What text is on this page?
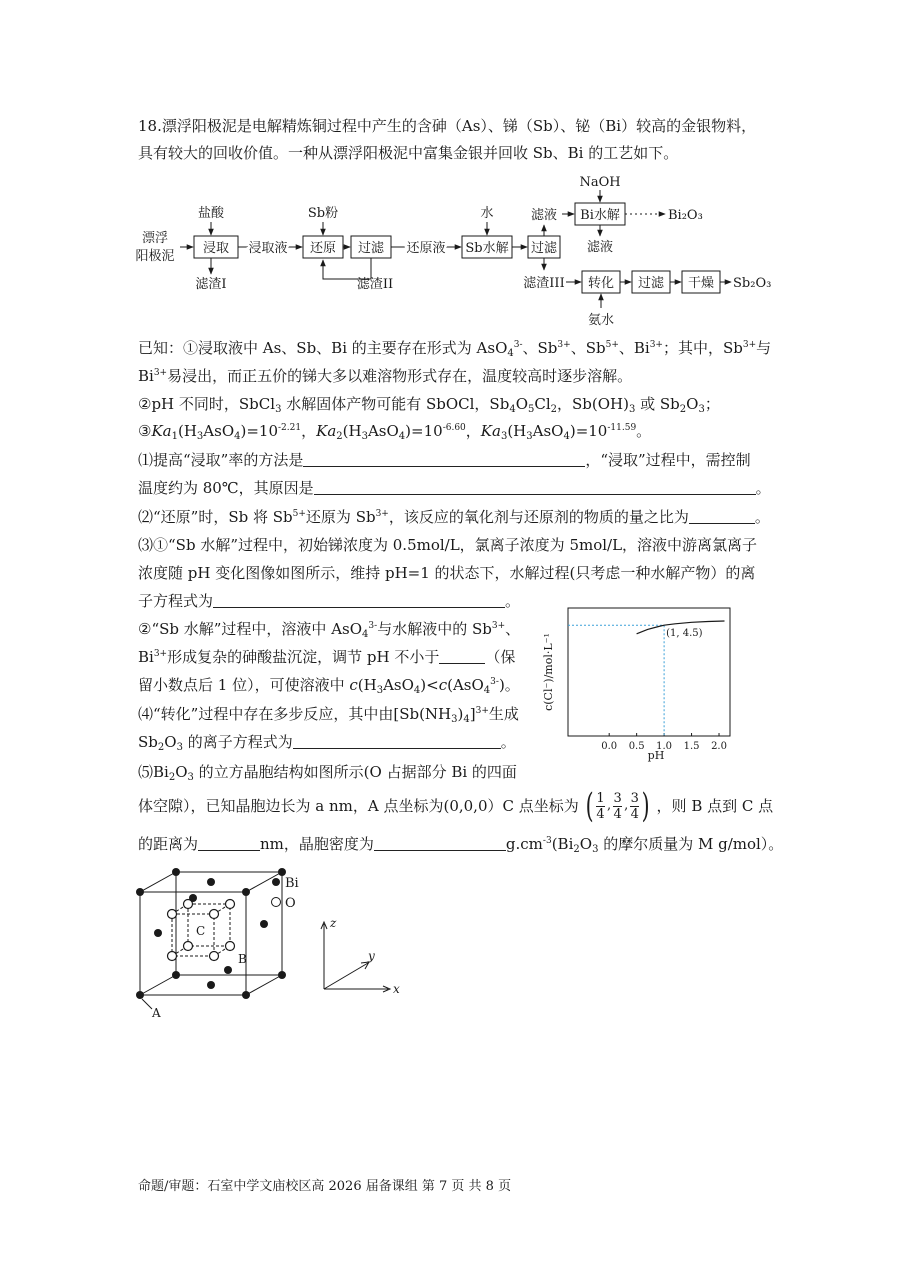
18.漂浮阳极泥是电解精炼铜过程中产生的含砷（As）、锑（Sb）、铋（Bi）较高的金银物料，

具有较大的回收价值。一种从漂浮阳极泥中富集金银并回收 Sb、Bi 的工艺如下。

漂浮
阳极泥
浸取
盐酸
滤渣I
浸取液 还原
Sb粉
过滤
滤渣II
还原液 Sb水解
水
过滤
滤液
滤渣III
Bi水解
NaOH
滤液
Bi₂O₃
转化
氨水
过滤 干燥 Sb₂O₃

已知：①浸取液中 As、Sb、Bi 的主要存在形式为 AsO$_4^{3-}$、$Sb^{3+}$、$Sb^{5+}$、$Bi^{3+}$；其中，$Sb^{3+}$与

$Bi^{3+}$易浸出，而正五价的锑大多以难溶物形式存在，温度较高时逐步溶解。

②pH 不同时，SbCl$_3$ 水解固体产物可能有 SbOCl，$Sb_4O_5Cl_2$，$Sb(OH)_3$ 或 $Sb_2O_3$；

$③Ka_1(H_3AsO_4)=10^{-2.21}$，$Ka_2(H_3AsO_4)=10^{-6.60}$，$Ka_3(H_3AsO_4)=10^{-11.59}$。

⑴提高“浸取”率的方法是	，“浸取”过程中，需控制

温度约为 80℃，其原因是	。

⑵“还原”时，Sb 将 $Sb^{5+}$还原为 $Sb^{3+}$，该反应的氧化剂与还原剂的物质的量之比为	。

⑶①“Sb 水解”过程中，初始锑浓度为 0.5mol/L，氯离子浓度为 5mol/L，溶液中游离氯离子

浓度随 pH 变化图像如图所示，维持 pH=1 的状态下，水解过程(只考虑一种水解产物）的离

子方程式为	。

②“Sb 水解”过程中，溶液中 AsO$_4^{3-}$与水解液中的 $Sb^{3+}$、

$Bi^{3+}$形成复杂的砷酸盐沉淀，调节 pH 不小于	（保

留小数点后 1 位），可使溶液中 $c(H_3AsO_4)<c(AsO_4^{3-})$。

⑷“转化”过程中存在多步反应，其中由$[Sb(NH_3)_4]^{3+}$生成

$Sb_2O_3$ 的离子方程式为	。

$⑸Bi_2O_3$ 的立方晶胞结构如图所示(O 占据部分 Bi 的四面

体空隙），已知晶胞边长为 a nm，A 点坐标为(0,0,0）C 点坐标为 ( 1
4
, 3
4
, 3
4 ) ，则 B 点到 C 点

的距离为	nm，晶胞密度为	$g.cm^{-3}(Bi_2O_3$ 的摩尔质量为 M g/mol）。

c(Cl⁻)/mol·L⁻¹
pH
0.0 0.5 1.0 1.5 2.0
(1, 4.5)
Bi
O
C
B
A
z
y
x
命题/审题：石室中学文庙校区高 2026 届备课组 第 7 页 共 8 页
